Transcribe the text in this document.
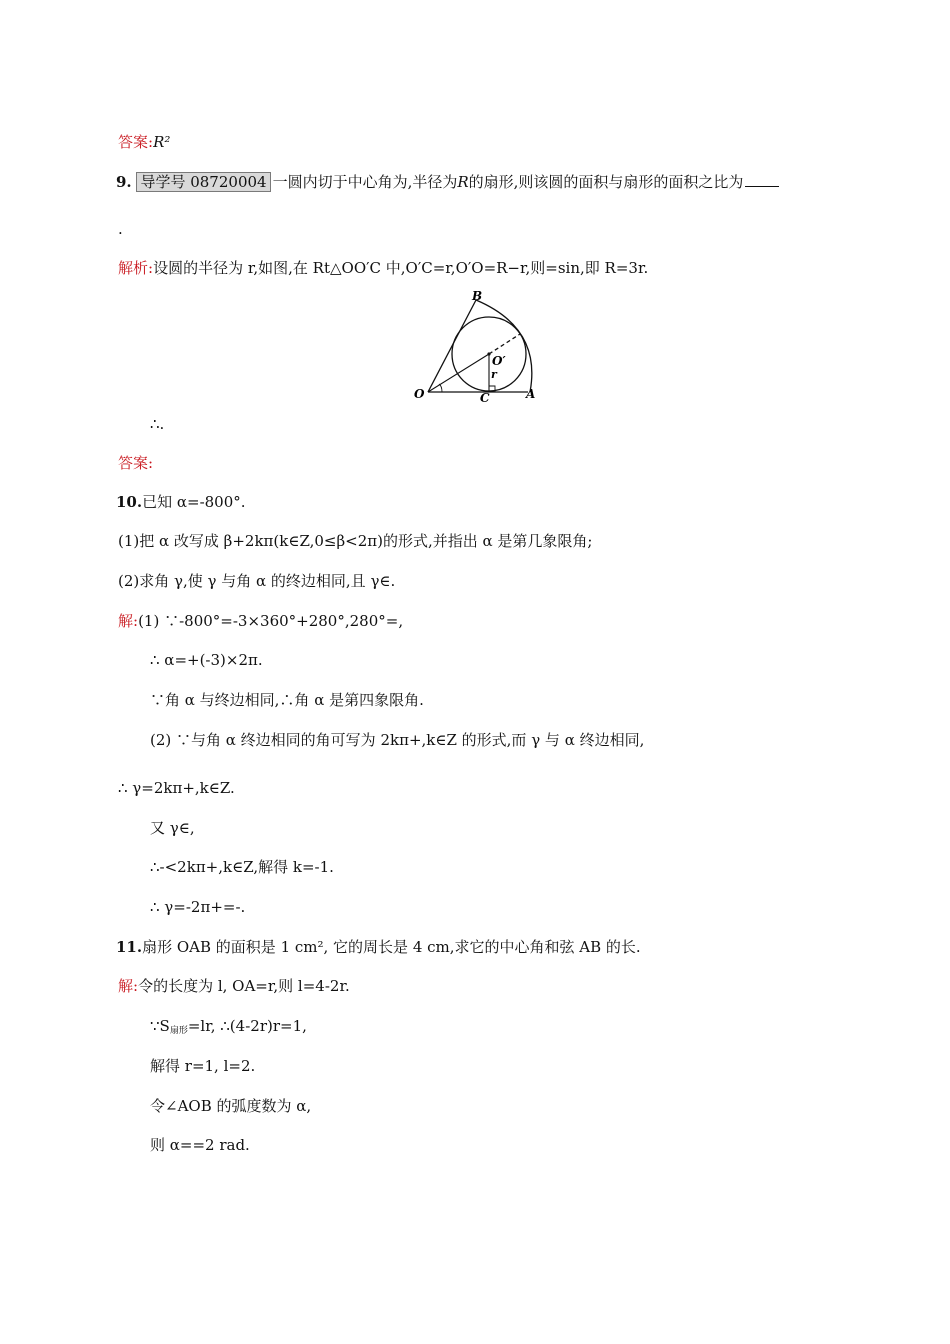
答案:R²
9. 导学号 08720004 一圆内切于中心角为,半径为R的扇形,则该圆的面积与扇形的面积之比为
.
解析:设圆的半径为 r,如图,在 Rt△OO′C 中,O′C=r,O′O=R−r,则=sin,即 R=3r.
B
O
O′
r
C	A
∴.
答案:
10.已知 α=-800°.
(1)把 α 改写成 β+2kπ(k∈Z,0≤β<2π)的形式,并指出 α 是第几象限角;
(2)求角 γ,使 γ 与角 α 的终边相同,且 γ∈.
解:(1) ∵-800°=-3×360°+280°,280°=,
∴ α=+(-3)×2π.
∵角 α 与终边相同,∴角 α 是第四象限角.
(2) ∵与角 α 终边相同的角可写为 2kπ+,k∈Z 的形式,而 γ 与 α 终边相同,
∴ γ=2kπ+,k∈Z.
又 γ∈,
∴-<2kπ+,k∈Z,解得 k=-1.
∴ γ=-2π+=-.
11.扇形 OAB 的面积是 1 cm², 它的周长是 4 cm,求它的中心角和弦 AB 的长.
解:令的长度为 l, OA=r,则 l=4-2r.
$\because S_{扇形}=lr$, ∴(4-2r)r=1,
解得 r=1, l=2.
令∠AOB 的弧度数为 α,
则 α==2 rad.
